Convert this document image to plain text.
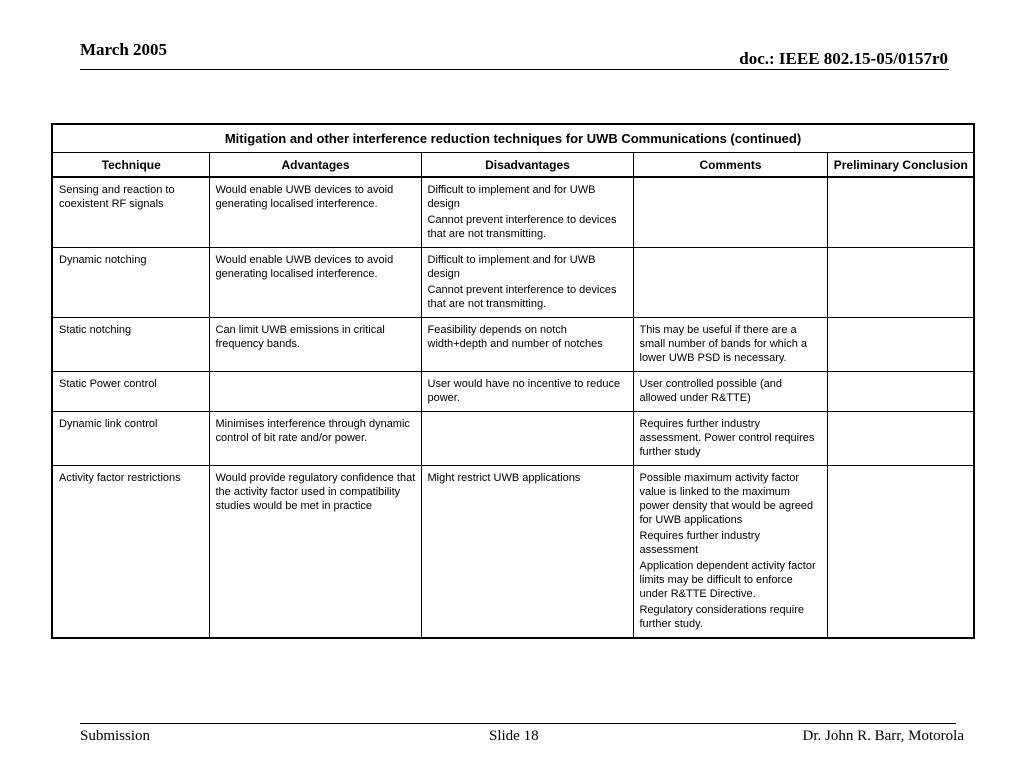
March 2005	doc.: IEEE 802.15-05/0157r0
Mitigation and other interference reduction techniques for UWB Communications (continued)				
Technique	Advantages	Disadvantages	Comments	Preliminary Conclusion

Sensing and reaction to coexistent RF signals	Would enable UWB devices to avoid generating localised interference.	Difficult to implement and for UWB design

Cannot prevent interference to devices that are not transmitting.		

Dynamic notching	Would enable UWB devices to avoid generating localised interference.	Difficult to implement and for UWB design

Cannot prevent interference to devices that are not transmitting.		

Static notching	Can limit UWB emissions in critical frequency bands.	Feasibility depends on notch width+depth and number of notches	This may be useful if there are a small number of bands for which a lower UWB PSD is necessary.	

Static Power control		User would have no incentive to reduce power.	User controlled possible (and allowed under R&TTE)	

Dynamic link control	Minimises interference through dynamic control of bit rate and/or power.		Requires further industry assessment. Power control requires further study	

Activity factor restrictions	Would provide regulatory confidence that the activity factor used in compatibility studies would be met in practice	Might restrict UWB applications	Possible maximum activity factor value is linked to the maximum power density that would be agreed for UWB applications

Requires further industry assessment

Application dependent activity factor limits may be difficult to enforce under R&TTE Directive.

Regulatory considerations require further study.	

Submission	Slide 18	Dr. John R. Barr, Motorola
